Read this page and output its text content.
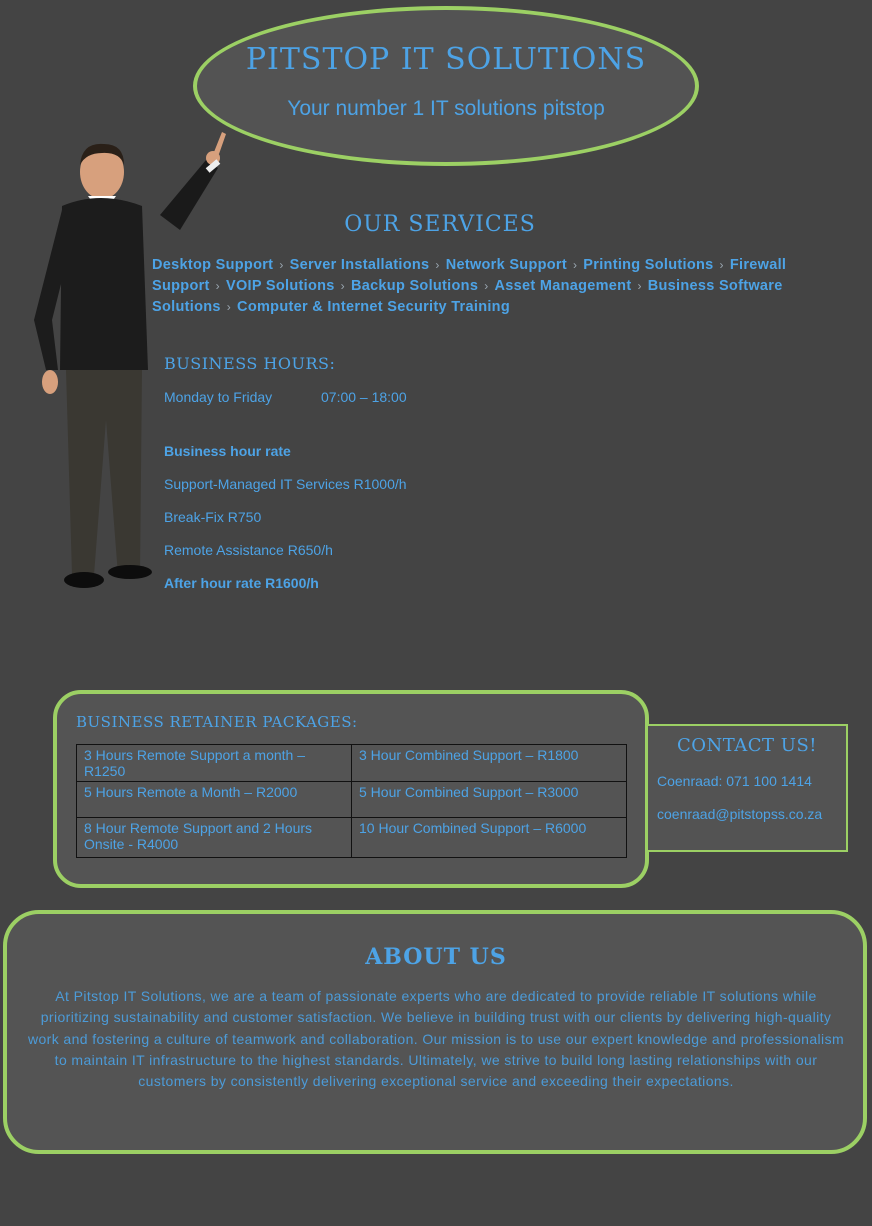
PITSTOP IT SOLUTIONS
Your number 1 IT solutions pitstop
OUR SERVICES
Desktop Support › Server Installations › Network Support › Printing Solutions › Firewall Support › VOIP Solutions › Backup Solutions › Asset Management › Business Software Solutions › Computer & Internet Security Training
BUSINESS HOURS:
Monday to Friday	07:00 – 18:00
Business hour rate
Support-Managed IT Services R1000/h
Break-Fix R750
Remote Assistance R650/h
After hour rate R1600/h
BUSINESS RETAINER PACKAGES:
3 Hours Remote Support a month – R1250	3 Hour Combined Support – R1800
5 Hours Remote a Month – R2000	5 Hour Combined Support – R3000
8 Hour Remote Support and 2 Hours Onsite - R4000	10 Hour Combined Support – R6000
CONTACT US!
Coenraad: 071 100 1414
coenraad@pitstopss.co.za
ABOUT US
At Pitstop IT Solutions, we are a team of passionate experts who are dedicated to provide reliable IT solutions while prioritizing sustainability and customer satisfaction. We believe in building trust with our clients by delivering high-quality work and fostering a culture of teamwork and collaboration. Our mission is to use our expert knowledge and professionalism to maintain IT infrastructure to the highest standards. Ultimately, we strive to build long lasting relationships with our customers by consistently delivering exceptional service and exceeding their expectations.
